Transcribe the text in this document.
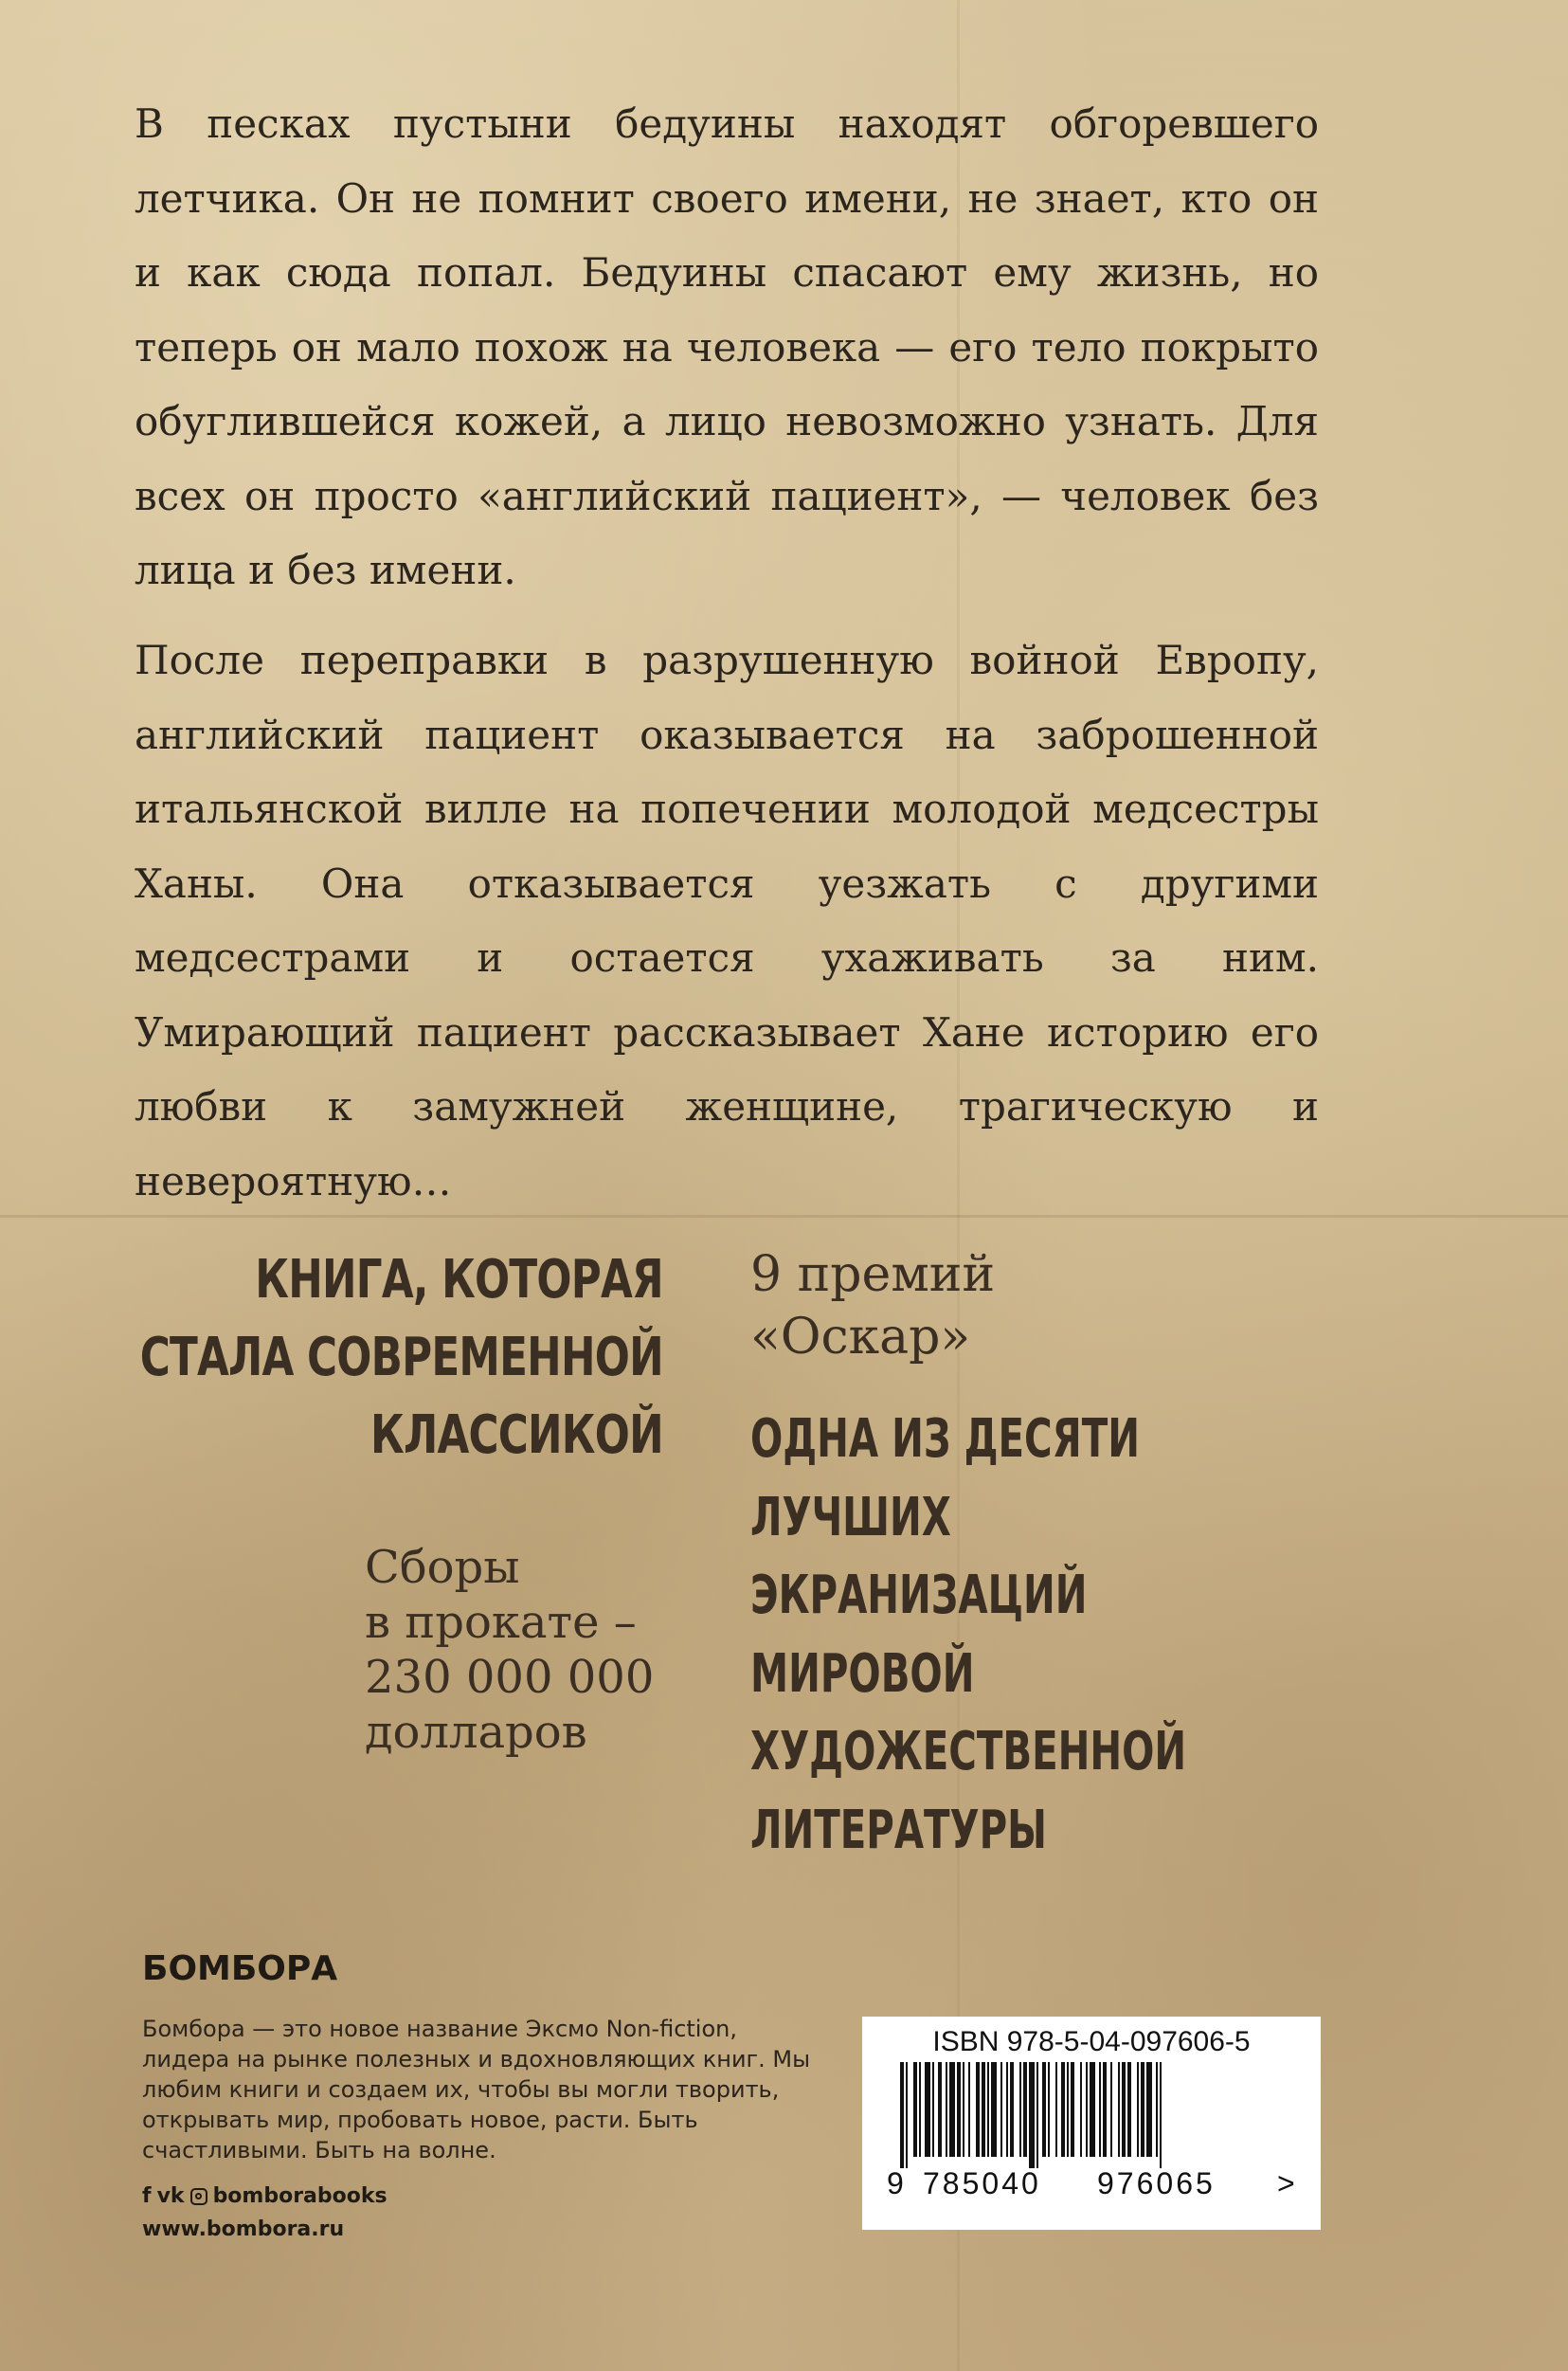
В песках пустыни бедуины находят обгоревшего летчика. Он не помнит своего имени, не знает, кто он и как сюда попал. Бедуины спасают ему жизнь, но теперь он мало похож на человека — его тело покрыто обуглившейся кожей, а лицо невозможно узнать. Для всех он просто «английский пациент», — человек без лица и без имени.

После переправки в разрушенную войной Европу, английский пациент оказывается на заброшенной итальянской вилле на попечении молодой медсестры Ханы. Она отказывается уезжать с другими медсестрами и остается ухаживать за ним. Умирающий пациент рассказывает Хане историю его любви к замужней женщине, трагическую и невероятную…

КНИГА, КОТОРАЯ
СТАЛА СОВРЕМЕННОЙ
КЛАССИКОЙ
Сборы
в прокате –
230 000 000
долларов
9 премий
«Оскар»
ОДНА ИЗ ДЕСЯТИ
ЛУЧШИХ
ЭКРАНИЗАЦИЙ
МИРОВОЙ
ХУДОЖЕСТВЕННОЙ
ЛИТЕРАТУРЫ
БОМБОРА
Бомбора — это новое название Эксмо Non-fiction, лидера на рынке полезных и вдохновляющих книг. Мы любим книги и создаем их, чтобы вы могли творить, открывать мир, пробовать новое, расти. Быть счастливыми. Быть на волне.
f vk bomborabooks
www.bombora.ru
ISBN 978-5-04-097606-5
9 785040 976065 >
